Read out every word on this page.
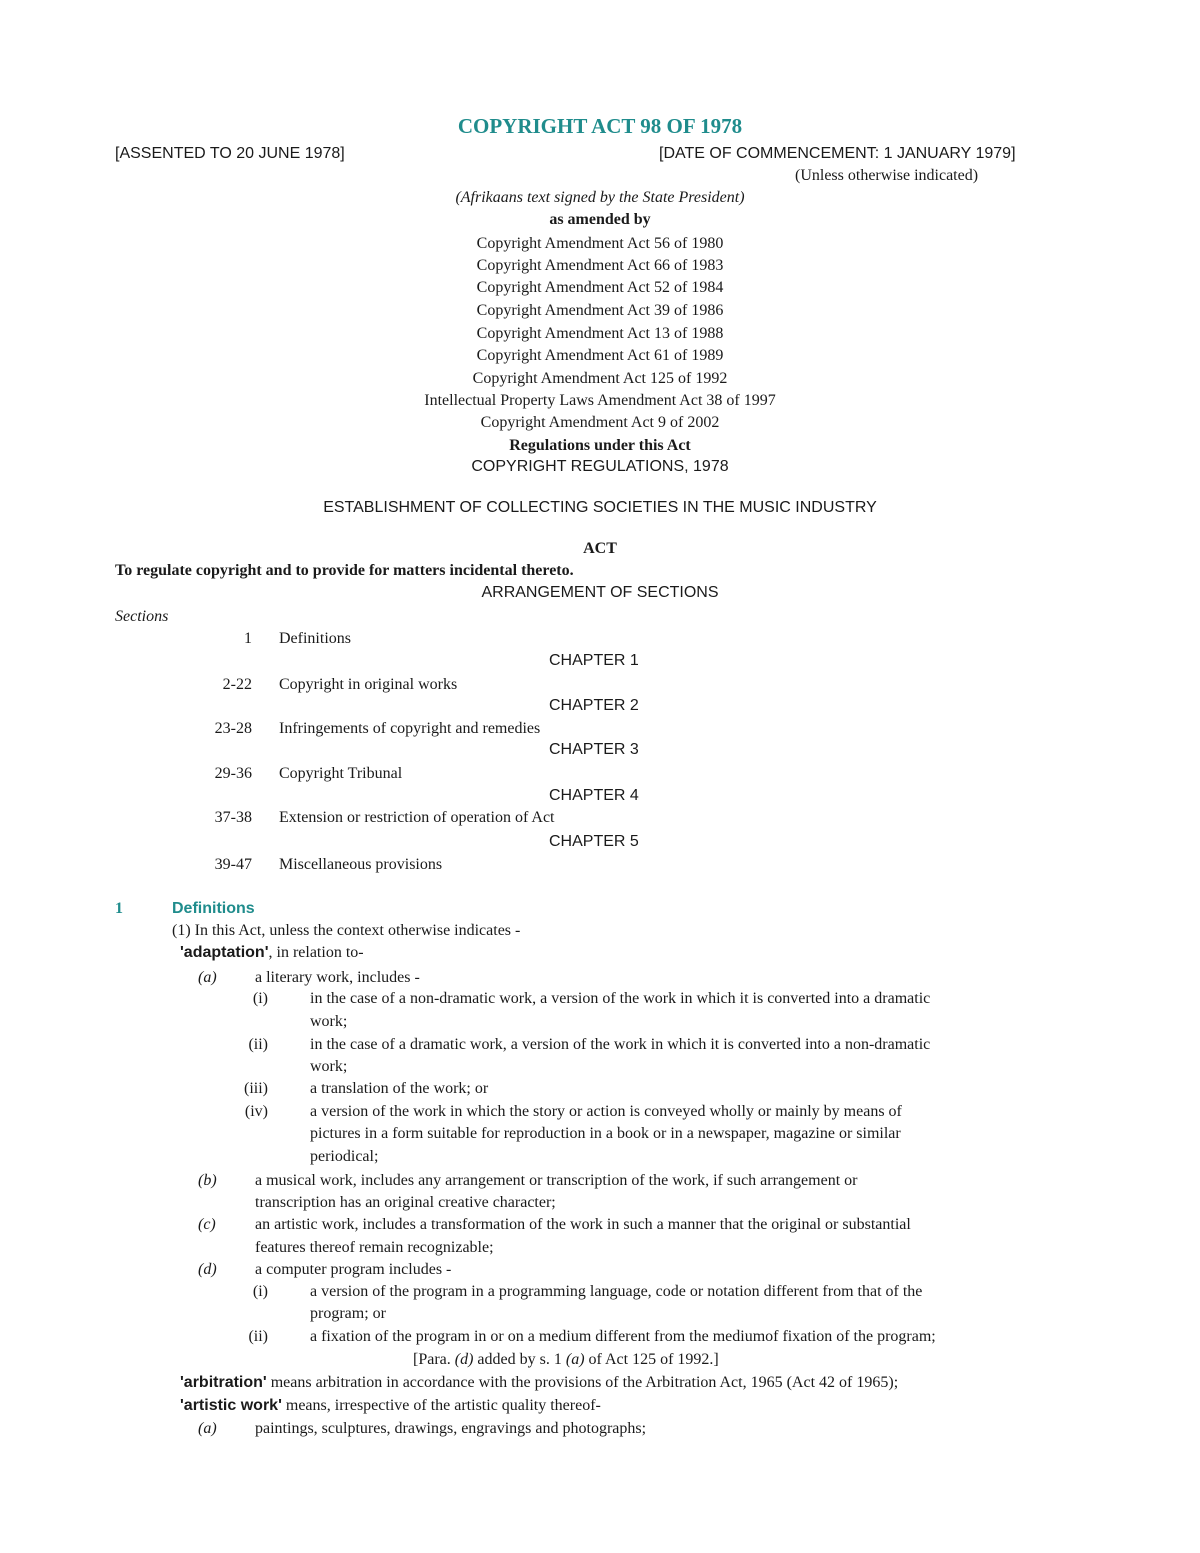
COPYRIGHT ACT 98 OF 1978
[ASSENTED TO 20 JUNE 1978]	[DATE OF COMMENCEMENT: 1 JANUARY 1979]
(Unless otherwise indicated)
(Afrikaans text signed by the State President)
as amended by
Copyright Amendment Act 56 of 1980
Copyright Amendment Act 66 of 1983
Copyright Amendment Act 52 of 1984
Copyright Amendment Act 39 of 1986
Copyright Amendment Act 13 of 1988
Copyright Amendment Act 61 of 1989
Copyright Amendment Act 125 of 1992
Intellectual Property Laws Amendment Act 38 of 1997
Copyright Amendment Act 9 of 2002
Regulations under this Act
COPYRIGHT REGULATIONS, 1978
ESTABLISHMENT OF COLLECTING SOCIETIES IN THE MUSIC INDUSTRY
ACT
To regulate copyright and to provide for matters incidental thereto.
ARRANGEMENT OF SECTIONS
Sections
1 Definitions
CHAPTER 1
2-22 Copyright in original works
CHAPTER 2
23-28 Infringements of copyright and remedies
CHAPTER 3
29-36 Copyright Tribunal
CHAPTER 4
37-38 Extension or restriction of operation of Act
CHAPTER 5
39-47 Miscellaneous provisions
1	Definitions
(1) In this Act, unless the context otherwise indicates -
'adaptation', in relation to-
(a) a literary work, includes -
(i)	in the case of a non-dramatic work, a version of the work in which it is converted into a dramatic
work;
(ii)	in the case of a dramatic work, a version of the work in which it is converted into a non-dramatic
work;
(iii)	a translation of the work; or
(iv)	a version of the work in which the story or action is conveyed wholly or mainly by means of
pictures in a form suitable for reproduction in a book or in a newspaper, magazine or similar
periodical;
(b) a musical work, includes any arrangement or transcription of the work, if such arrangement or
transcription has an original creative character;
(c) an artistic work, includes a transformation of the work in such a manner that the original or substantial
features thereof remain recognizable;
(d) a computer program includes -
(i)	a version of the program in a programming language, code or notation different from that of the
program; or
(ii)	a fixation of the program in or on a medium different from the mediumof fixation of the program;
[Para. (d) added by s. 1 (a) of Act 125 of 1992.]
'arbitration' means arbitration in accordance with the provisions of the Arbitration Act, 1965 (Act 42 of 1965);
'artistic work' means, irrespective of the artistic quality thereof-
(a) paintings, sculptures, drawings, engravings and photographs;
